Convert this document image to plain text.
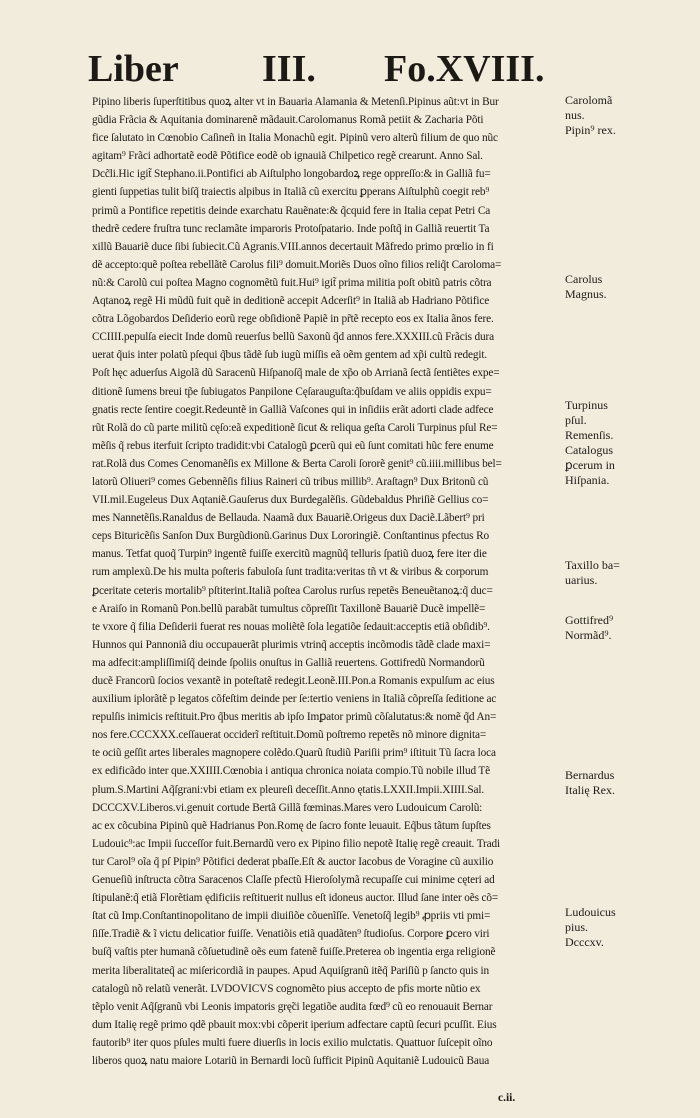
Liber III. Fo.XVIII.
Pipino liberis ſuperſtitibus quoꝝ alter vt in Bauaria Alamania & Metenſi.Pipinus aũt:vt in Bur
gũdia Frãcia & Aquitania dominarenẽ mãdauit.Carolomanus Romã petiit & Zacharia Põti
fice ſalutato in Cœnobio Caſineñ in Italia Monachũ egit. Pipinũ vero alterũ filium de quo nũc
agitam⁹ Frãci adhortatẽ eodẽ Põtifice eodẽ ob ignauiã Chilpetico regẽ crearunt. Anno Sal.
Dcc̃li.Hic igit̃ Stephano.ii.Pontifici ab Aiſtulpho longobardoꝝ rege oppreſſo:& in Galliã fu=
gienti ſuppetias tulit biſq̃ traiectis alpibus in Italiã cũ exercitu ꝑperans Aiſtulphũ coegit reb⁹
primũ a Pontifice repetitis deinde exarchatu Rauẽnate:& q̃cquid fere in Italia cepat Petri Ca
thedrẽ cedere fruſtra tunc reclamãte imparoris Protoſpatario. Inde poſtq̃ in Galliã reuertit Ta
xillũ Bauariẽ duce ſibi ſubiecit.Cũ Agranis.VIII.annos decertauit Mãfredo primo prœlio in fi
dẽ accepto:quẽ poſtea rebellãtẽ Carolus fili⁹ domuit.Moriẽs Duos oĩno filios reliq̃t Caroloma=
nũ:& Carolũ cui poſtea Magno cognomẽtũ fuit.Hui⁹ igit̃ prima militia poſt obitũ patris cõtra
Aqtanoꝝ regẽ Hi mũdũ fuit quẽ in deditionẽ accepit Adcerſit⁹ in Italiã ab Hadriano Põtifice
cõtra Lõgobardos Deſiderio eorũ rege obſidionẽ Papiẽ in pr̃tẽ recepto eos ex Italia ãnos fere.
CCIIII.pepulſa eiecit Inde domũ reuerſus bellũ Saxonũ q̃d annos fere.XXXIII.cũ Frãcis dura
uerat q̃uis inter polatũ pſequi q̃bus tãdẽ ſub iugũ miſſis eã oẽm gentem ad xp̃i cultũ redegit.
Poſt hęc aduerſus Aigolã dũ Saracenũ Hiſpanoſq̃ male de xp̃o ob Arrianã ſectã ſentiẽtes expe=
ditionẽ ſumens breui tp̃e ſubiugatos Panpilone Cęſarauguſta:q̃buſdam ve aliis oppidis expu=
gnatis recte ſentire coegit.Redeuntẽ in Galliã Vaſcones qui in inſidiis erãt adorti clade adfece
rũt Rolã do cũ parte militũ cęſo:eã expeditionẽ ſicut & reliqua geſta Caroli Turpinus pſul Re=
mẽſis q̃ rebus iterfuit ſcripto tradidit:vbi Catalogũ ꝑcerũ qui eũ ſunt comitati hũc fere enume
rat.Rolã dus Comes Cenomanẽſis ex Millone & Berta Caroli ſororẽ genit⁹ cũ.iiii.millibus bel=
latorũ Oliueri⁹ comes Gebennẽſis filius Raineri cũ tribus millib⁹. Araſtagn⁹ Dux Britonũ cũ
VII.mil.Eugeleus Dux Aqtaniẽ.Gauſerus dux Burdegalẽſis. Gũdebaldus Phriſiẽ Gellius co=
mes Nannetẽſis.Ranaldus de Bellauda. Naamã dux Bauariẽ.Origeus dux Daciẽ.Lãbert⁹ pri
ceps Bituricẽſis Sanſon Dux Burgũdionũ.Garinus Dux Lororingiẽ. Conſtantinus pfectus Ro
manus. Tetfat quoq̃ Turpin⁹ ingentẽ fuiſſe exercitũ magnũq̃ telluris ſpatiũ duoꝝ fere iter die
rum amplexũ.De his multa poſteris fabuloſa ſunt tradita:veritas tñ vt & viribus & corporum
ꝑceritate ceteris mortalib⁹ pſtiterint.Italiã poſtea Carolus rurſus repetẽs Beneuẽtanoꝝ:q̃ duc=
e Araiſo in Romanũ Pon.bellũ parabãt tumultus cõpreſſit Taxillonẽ Bauariẽ Ducẽ impellẽ=
te vxore q̃ filia Deſiderii fuerat res nouas moliẽtẽ ſola legatiõe ſedauit:acceptis etiã obſidib⁹.
Hunnos qui Pannoniã diu occupauerãt plurimis vtrinq̃ acceptis incõmodis tãdẽ clade maxi=
ma adfecit:ampliſſimiſq̃ deinde ſpoliis onuſtus in Galliã reuertens. Gottifredũ Normandorũ
ducẽ Francorũ ſocios vexantẽ in poteſtatẽ redegit.Leonẽ.III.Pon.a Romanis expulſum ac eius
auxilium iplorãtẽ p legatos cõfeſtim deinde per ſe:tertio veniens in Italiã cõpreſſa ſeditione ac
repulſis inimicis reſtituit.Pro q̃bus meritis ab ipſo Imꝑator primũ cõſalutatus:& nomẽ q̃d An=
nos fere.CCCXXX.ceſſauerat occiderĩ reſtituit.Domũ poſtremo repetẽs nõ minore dignita=
te ociũ geſſit artes liberales magnopere colẽdo.Quarũ ſtudiũ Pariſii prim⁹ iſtituit Tũ ſacra loca
ex edificãdo inter que.XXIIII.Cœnobia i antiqua chronica noiata compio.Tũ nobile illud Tẽ
plum.S.Martini Aq̃ſgrani:vbi etiam ex pleureſi deceſſit.Anno ętatis.LXXII.Impii.XIIII.Sal.
DCCCXV.Liberos.vi.genuit cortude Bertã Gillã fœminas.Mares vero Ludouicum Carolũ:
ac ex cõcubina Pipinũ quẽ Hadrianus Pon.Romę de ſacro fonte leuauit. Eq̃bus tãtum ſupſtes
Ludouic⁹:ac Impii ſucceſſor fuit.Bernardũ vero ex Pipino filio nepotẽ Italię regẽ creauit. Tradi
tur Carol⁹ oĩa q̃ pſ Pipin⁹ Põtifici dederat pbaſſe.Eſt & auctor Iacobus de Voragine cũ auxilio
Genueſiũ inſtructa cõtra Saracenos Claſſe pfectũ Hieroſolymã recupaſſe cui minime cęteri ad
ſtipulanẽ:q̃ etiã Florẽtiam ędificiis reſtituerit nullus eſt idoneus auctor. Illud ſane inter oẽs cõ=
ſtat cũ Imp.Conſtantinopolitano de impii diuiſiõe cõuenĩſſe. Venetoſq̃ legib⁹ ꝓpriis vti pmi=
ſiſſe.Tradiẽ & ĩ victu delicatior fuiſſe. Venatiõis etiã quadãten⁹ ſtudioſus. Corpore ꝑcero viri
buſq̃ vaſtis pter humanã cõſuetudinẽ oẽs eum fatenẽ fuiſſe.Preterea ob ingentia erga religionẽ
merita liberalitateq̃ ac miſericordiã in paupes. Apud Aquiſgranũ itẽq̃ Pariſiũ p ſancto quis in
catalogũ nõ relatũ venerãt. LVDOVICVS cognomẽto pius accepto de pfis morte nũtio ex
tẽplo venit Aq̃ſgranũ vbi Leonis impatoris grę̃ci legatiõe audita fœd⁹ cũ eo renouauit Bernar
dum Italię regẽ primo qdẽ pbauit mox:vbi cõperit iperium adfectare captũ ſecuri pcuſſit. Eius
fautorib⁹ iter quos pſules multi fuere diuerſis in locis exilio mulctatis. Quattuor ſuſcepit oĩno
liberos quoꝝ natu maiore Lotariũ in Bernardi locũ ſufficit Pipinũ Aquitaniẽ Ludouicũ Baua
Carolomã
nus.
Pipin⁹ rex.
Carolus
Magnus.
Turpinus
pſul.
Remenſis.
Catalogus
ꝑcerum in
Hiſpania.
Taxillo ba=
uarius.
Gottifred⁹
Normãd⁹.
Bernardus
Italię Rex.
Ludouicus
pius.
Dcccxv.
c.ii.
